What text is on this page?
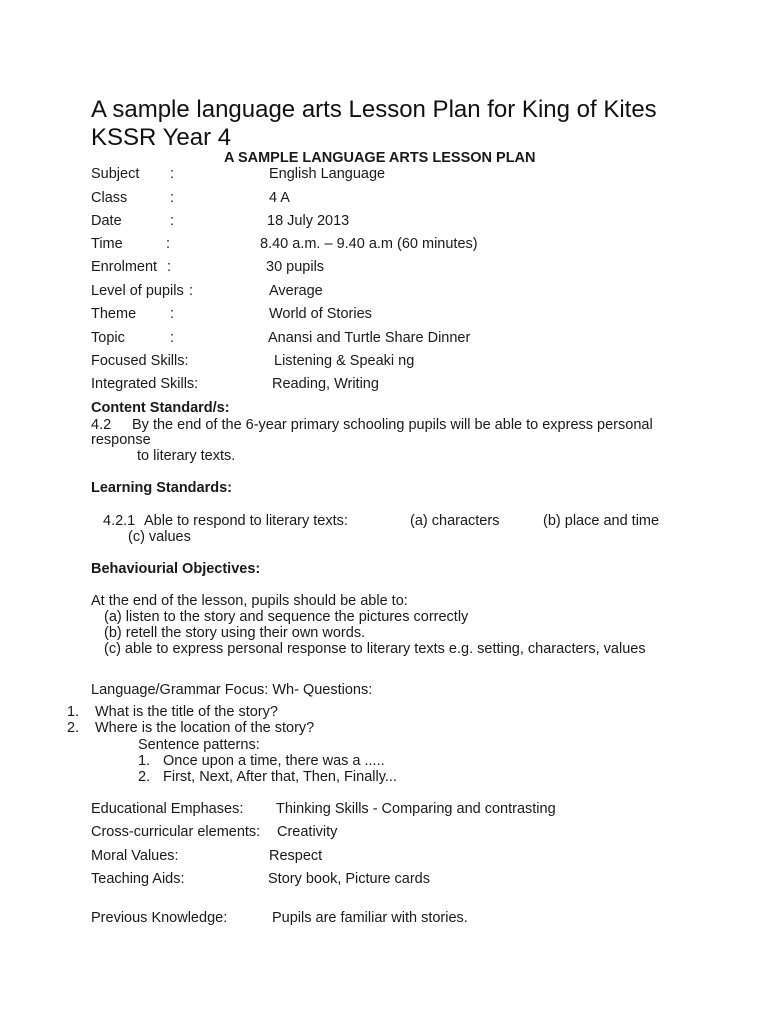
A sample language arts Lesson Plan for King of Kites
KSSR Year 4
A SAMPLE LANGUAGE ARTS LESSON PLAN
Subject :	English Language
Class	:	4 A
Date	:	18 July 2013
Time	:	8.40 a.m. – 9.40 a.m (60 minutes)
Enrolment :	30 pupils
Level of pupils :	Average
Theme :	World of Stories
Topic	:	Anansi and Turtle Share Dinner
Focused Skills:	Listening & Speaki ng
Integrated Skills:	Reading, Writing
Content Standard/s:
4.2 By the end of the 6-year primary schooling pupils will be able to express personal
response
to literary texts.
Learning Standards:
4.2.1 Able to respond to literary texts:	(a) characters	(b) place and time
(c) values
Behaviourial Objectives:
At the end of the lesson, pupils should be able to:
(a) listen to the story and sequence the pictures correctly
(b) retell the story using their own words.
(c) able to express personal response to literary texts e.g. setting, characters, values
Language/Grammar Focus: Wh- Questions:
1. What is the title of the story?
2. Where is the location of the story?
Sentence patterns:
1. Once upon a time, there was a .....
2. First, Next, After that, Then, Finally...
Educational Emphases: Thinking Skills - Comparing and contrasting
Cross-curricular elements: Creativity
Moral Values:	Respect
Teaching Aids:	Story book, Picture cards
Previous Knowledge:	Pupils are familiar with stories.
